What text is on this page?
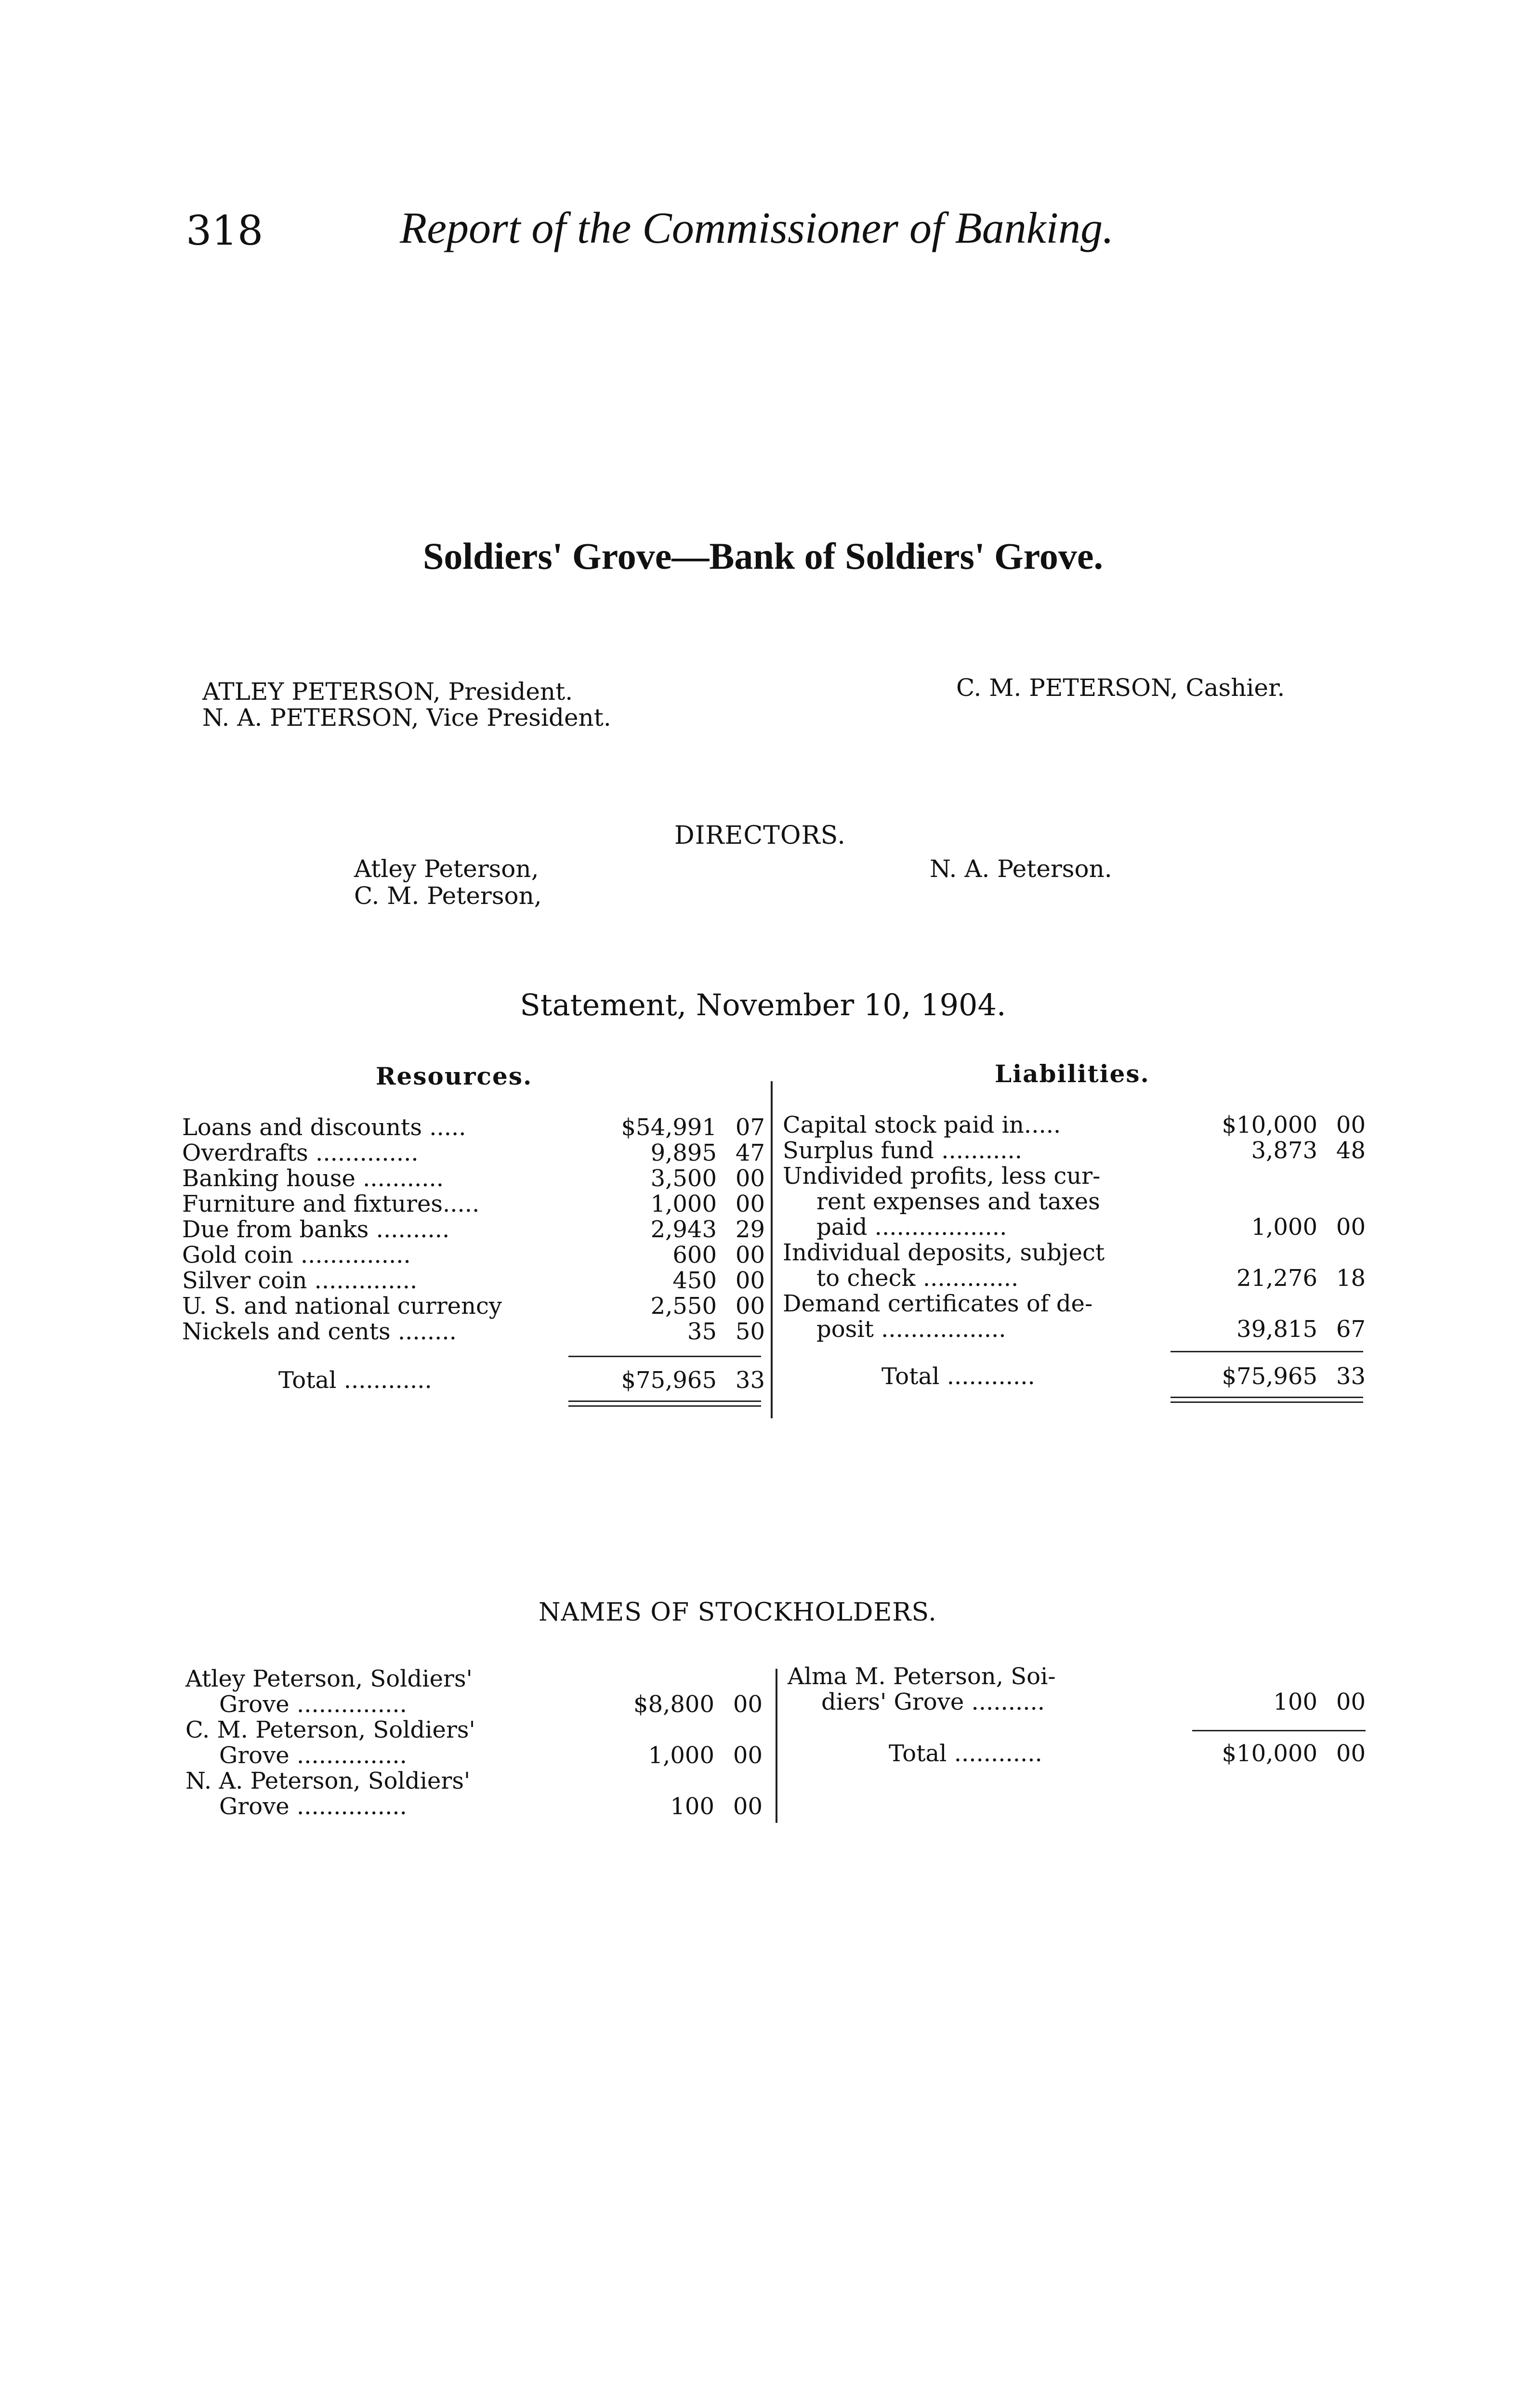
318	Report of the Commissioner of Banking.
Soldiers' Grove—Bank of Soldiers' Grove.
ATLEY PETERSON, President.
N. A. PETERSON, Vice President.
C. M. PETERSON, Cashier.
DIRECTORS.
Atley Peterson,
C. M. Peterson,
N. A. Peterson.
Statement, November 10, 1904.
Resources.	Liabilities.
Loans and discounts .....	$54,991 07
Overdrafts ..............	9,895 47
Banking house ...........	3,500 00
Furniture and fixtures.....	1,000 00
Due from banks ..........	2,943 29
Gold coin ...............	600 00
Silver coin ..............	450 00
U. S. and national currency	2,550 00
Nickels and cents ........	35 50
Total ............	$75,965 33
Capital stock paid in.....	$10,000 00
Surplus fund ...........	3,873 48
Undivided profits, less cur-
rent expenses and taxes
paid ..................	1,000 00
Individual deposits, subject
to check .............	21,276 18
Demand certificates of de-
posit .................	39,815 67
Total ............	$75,965 33
NAMES OF STOCKHOLDERS.
Atley Peterson, Soldiers'
Grove ...............	$8,800 00
C. M. Peterson, Soldiers'
Grove ...............	1,000 00
N. A. Peterson, Soldiers'
Grove ...............	100 00
Alma M. Peterson, Soi-
diers' Grove ..........	100 00
Total ............	$10,000 00
